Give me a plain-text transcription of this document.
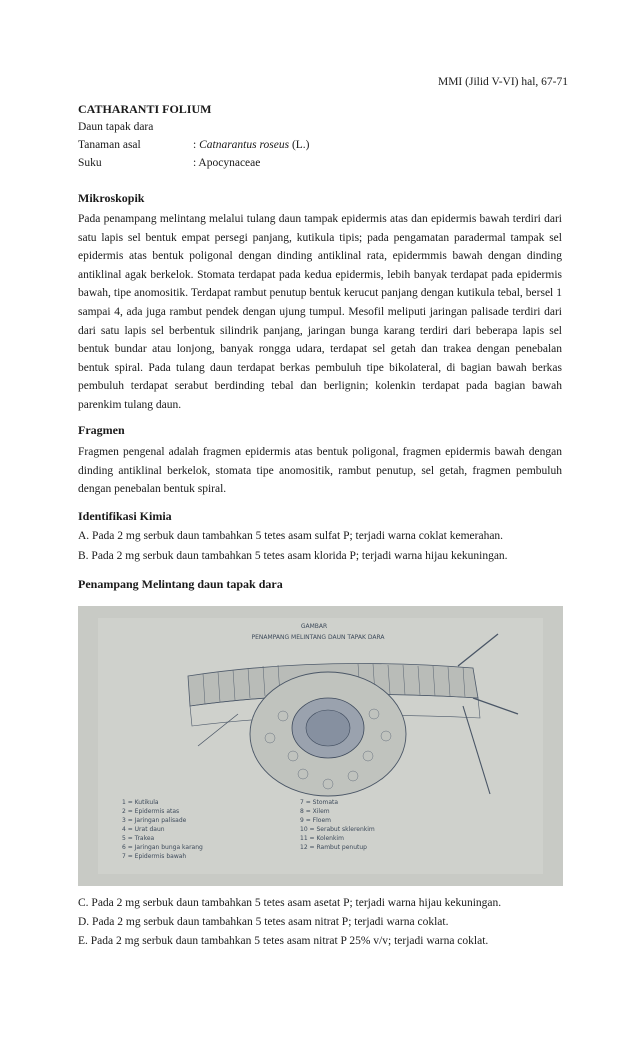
MMI (Jilid V-VI) hal, 67-71
CATHARANTI FOLIUM
Daun tapak dara
Tanaman asal	: Catnarantus roseus (L.)
Suku	: Apocynaceae
Mikroskopik

Pada penampang melintang melalui tulang daun tampak epidermis atas dan epidermis bawah terdiri dari satu lapis sel bentuk empat persegi panjang, kutikula tipis; pada pengamatan paradermal tampak sel epidermis atas bentuk poligonal dengan dinding antiklinal rata, epidermmis bawah dengan dinding antiklinal agak berkelok. Stomata terdapat pada kedua epidermis, lebih banyak terdapat pada epidermis bawah, tipe anomositik. Terdapat rambut penutup bentuk kerucut panjang dengan kutikula tebal, bersel 1 sampai 4, ada juga rambut pendek dengan ujung tumpul. Mesofil meliputi jaringan palisade terdiri dari dari satu lapis sel berbentuk silindrik panjang, jaringan bunga karang terdiri dari beberapa lapis sel bentuk bundar atau lonjong, banyak rongga udara, terdapat sel getah dan trakea dengan penebalan bentuk spiral. Pada tulang daun terdapat berkas pembuluh tipe bikolateral, di bagian bawah berkas pembuluh terdapat serabut berdinding tebal dan berlignin; kolenkin terdapat pada bagian bawah parenkim tulang daun.

Fragmen

Fragmen pengenal adalah fragmen epidermis atas bentuk poligonal, fragmen epidermis bawah dengan dinding antiklinal berkelok, stomata tipe anomositik, rambut penutup, sel getah, fragmen pembuluh dengan penebalan bentuk spiral.

Identifikasi Kimia
A. Pada 2 mg serbuk daun tambahkan 5 tetes asam sulfat P; terjadi warna coklat kemerahan.
B. Pada 2 mg serbuk daun tambahkan 5 tetes asam klorida P; terjadi warna hijau kekuningan.
Penampang Melintang daun tapak dara
GAMBAR
PENAMPANG MELINTANG DAUN TAPAK DARA
1 = Kutikula
2 = Epidermis atas
3 = Jaringan palisade
4 = Urat daun
5 = Trakea
6 = Jaringan bunga karang
7 = Epidermis bawah
7 = Stomata
8 = Xilem
9 = Floem
10 = Serabut sklerenkim
11 = Kolenkim
12 = Rambut penutup
C. Pada 2 mg serbuk daun tambahkan 5 tetes asam asetat P; terjadi warna hijau kekuningan.
D. Pada 2 mg serbuk daun tambahkan 5 tetes asam nitrat P; terjadi warna coklat.
E. Pada 2 mg serbuk daun tambahkan 5 tetes asam nitrat P 25% v/v; terjadi warna coklat.
